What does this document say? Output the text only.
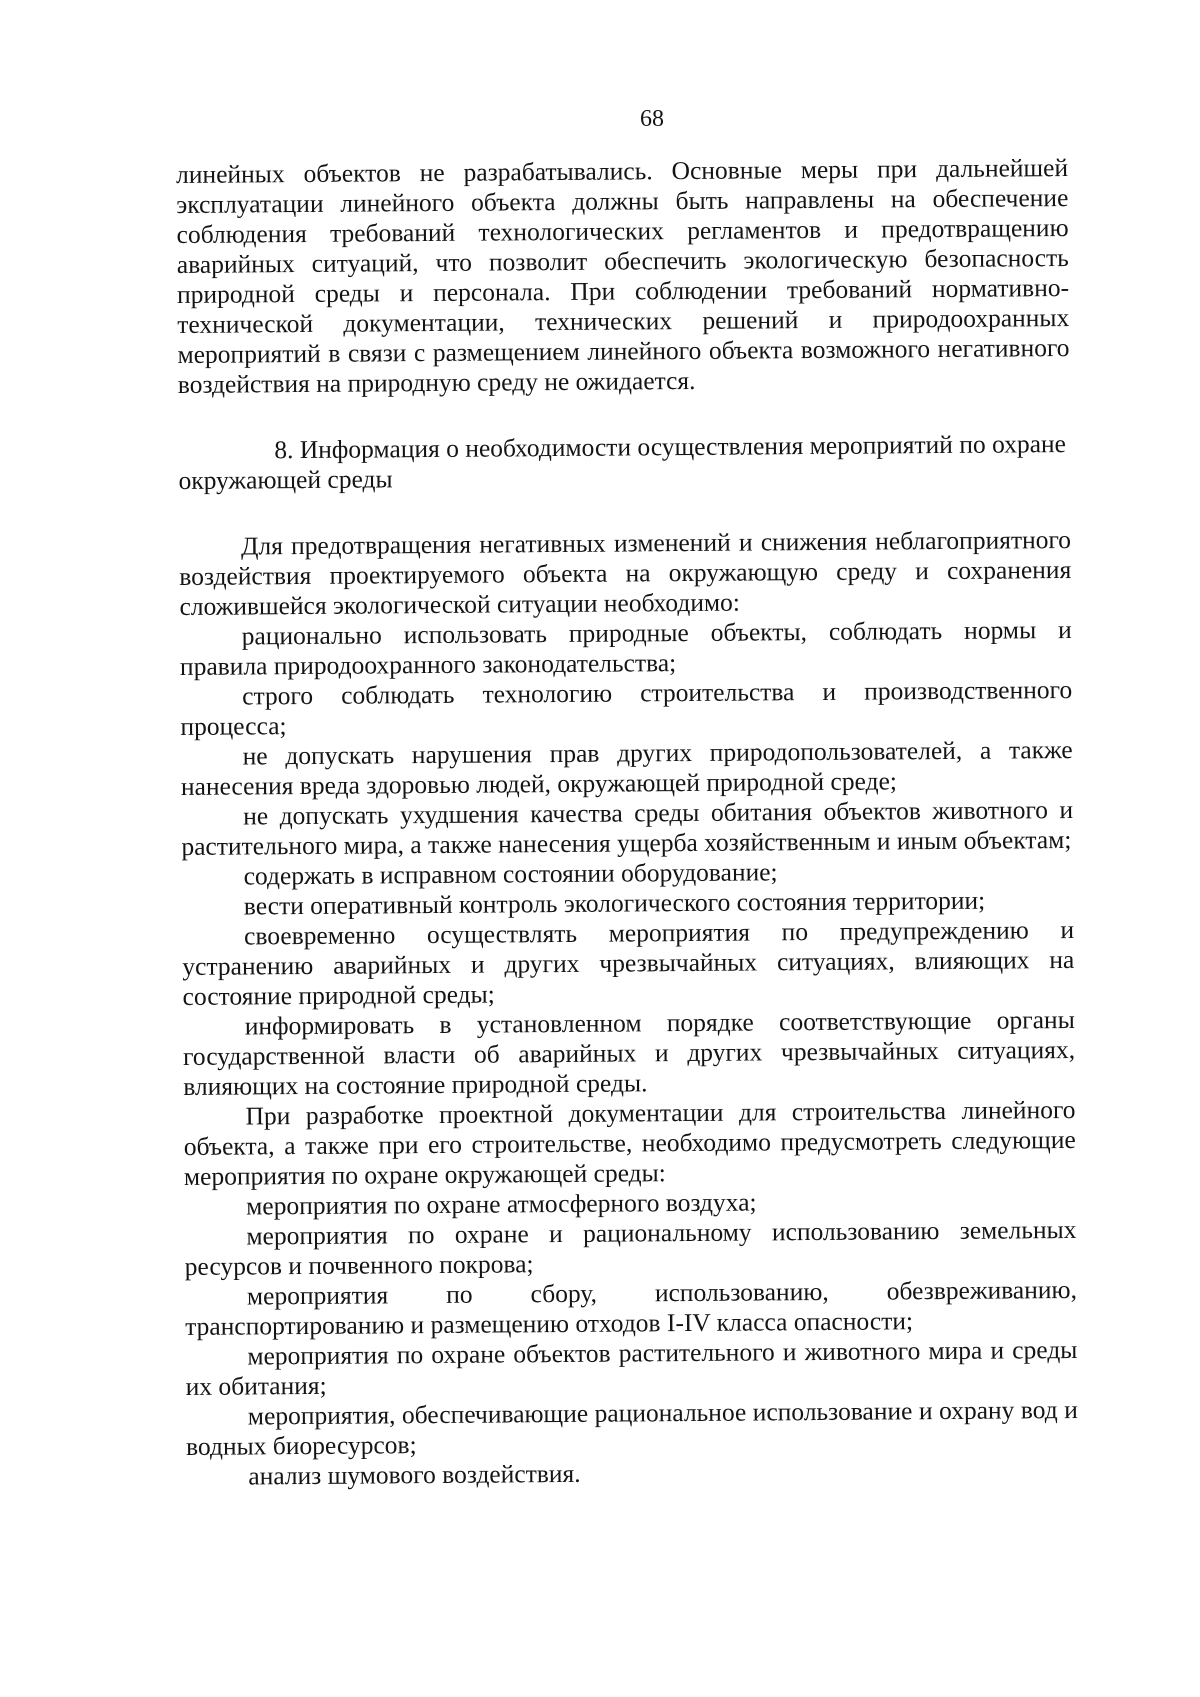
68

линейных объектов не разрабатывались. Основные меры при дальнейшей эксплуатации линейного объекта должны быть направлены на обеспечение соблюдения требований технологических регламентов и предотвращению аварийных ситуаций, что позволит обеспечить экологическую безопасность природной среды и персонала. При соблюдении требований нормативно-технической документации, технических решений и природоохранных мероприятий в связи с размещением линейного объекта возможного негативного воздействия на природную среду не ожидается.

8. Информация о необходимости осуществления мероприятий по охране окружающей среды

Для предотвращения негативных изменений и снижения неблагоприятного воздействия проектируемого объекта на окружающую среду и сохранения сложившейся экологической ситуации необходимо:

рационально использовать природные объекты, соблюдать нормы и правила природоохранного законодательства;

строго соблюдать технологию строительства и производственного процесса;

не допускать нарушения прав других природопользователей, а также нанесения вреда здоровью людей, окружающей природной среде;

не допускать ухудшения качества среды обитания объектов животного и растительного мира, а также нанесения ущерба хозяйственным и иным объектам;

содержать в исправном состоянии оборудование;

вести оперативный контроль экологического состояния территории;

своевременно осуществлять мероприятия по предупреждению и устранению аварийных и других чрезвычайных ситуациях, влияющих на состояние природной среды;

информировать в установленном порядке соответствующие органы государственной власти об аварийных и других чрезвычайных ситуациях, влияющих на состояние природной среды.

При разработке проектной документации для строительства линейного объекта, а также при его строительстве, необходимо предусмотреть следующие мероприятия по охране окружающей среды:

мероприятия по охране атмосферного воздуха;

мероприятия по охране и рациональному использованию земельных ресурсов и почвенного покрова;

мероприятия по сбору, использованию, обезвреживанию, транспортированию и размещению отходов I-IV класса опасности;

мероприятия по охране объектов растительного и животного мира и среды их обитания;

мероприятия, обеспечивающие рациональное использование и охрану вод и водных биоресурсов;

анализ шумового воздействия.
